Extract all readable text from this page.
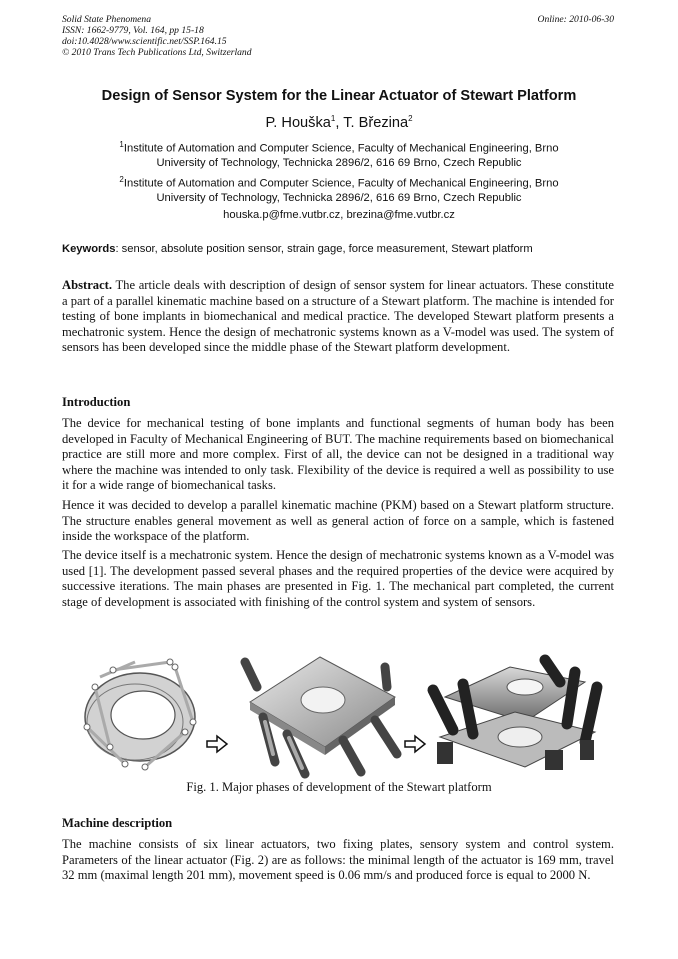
Solid State Phenomena
ISSN: 1662-9779, Vol. 164, pp 15-18
doi:10.4028/www.scientific.net/SSP.164.15
© 2010 Trans Tech Publications Ltd, Switzerland
Online: 2010-06-30
Design of Sensor System for the Linear Actuator of Stewart Platform
P. Houška$^1$, T. Březina$^2$
$^1$Institute of Automation and Computer Science, Faculty of Mechanical Engineering, Brno
University of Technology, Technicka 2896/2, 616 69 Brno, Czech Republic
$^2$Institute of Automation and Computer Science, Faculty of Mechanical Engineering, Brno
University of Technology, Technicka 2896/2, 616 69 Brno, Czech Republic
houska.p@fme.vutbr.cz, brezina@fme.vutbr.cz
Keywords: sensor, absolute position sensor, strain gage, force measurement, Stewart platform
Abstract. The article deals with description of design of sensor system for linear actuators. These constitute a part of a parallel kinematic machine based on a structure of a Stewart platform. The machine is intended for testing of bone implants in biomechanical and medical practice. The developed Stewart platform presents a mechatronic system. Hence the design of mechatronic systems known as a V-model was used. The system of sensors has been developed since the middle phase of the Stewart platform development.
Introduction
The device for mechanical testing of bone implants and functional segments of human body has been developed in Faculty of Mechanical Engineering of BUT. The machine requirements based on biomechanical practice are still more and more complex. First of all, the device can not be designed in a traditional way where the machine was intended to only task. Flexibility of the device is required a well as possibility to use it for a wide range of biomechanical tasks.
Hence it was decided to develop a parallel kinematic machine (PKM) based on a Stewart platform structure. The structure enables general movement as well as general action of force on a sample, which is fastened inside the workspace of the platform.
The device itself is a mechatronic system. Hence the design of mechatronic systems known as a V-model was used [1]. The development passed several phases and the required properties of the device were acquired by successive iterations. The main phases are presented in Fig. 1. The mechanical part completed, the current stage of development is associated with finishing of the control system and system of sensors.
Fig. 1. Major phases of development of the Stewart platform
Machine description
The machine consists of six linear actuators, two fixing plates, sensory system and control system. Parameters of the linear actuator (Fig. 2) are as follows: the minimal length of the actuator is 169 mm, travel 32 mm (maximal length 201 mm), movement speed is 0.06 mm/s and produced force is equal to 2000 N.
